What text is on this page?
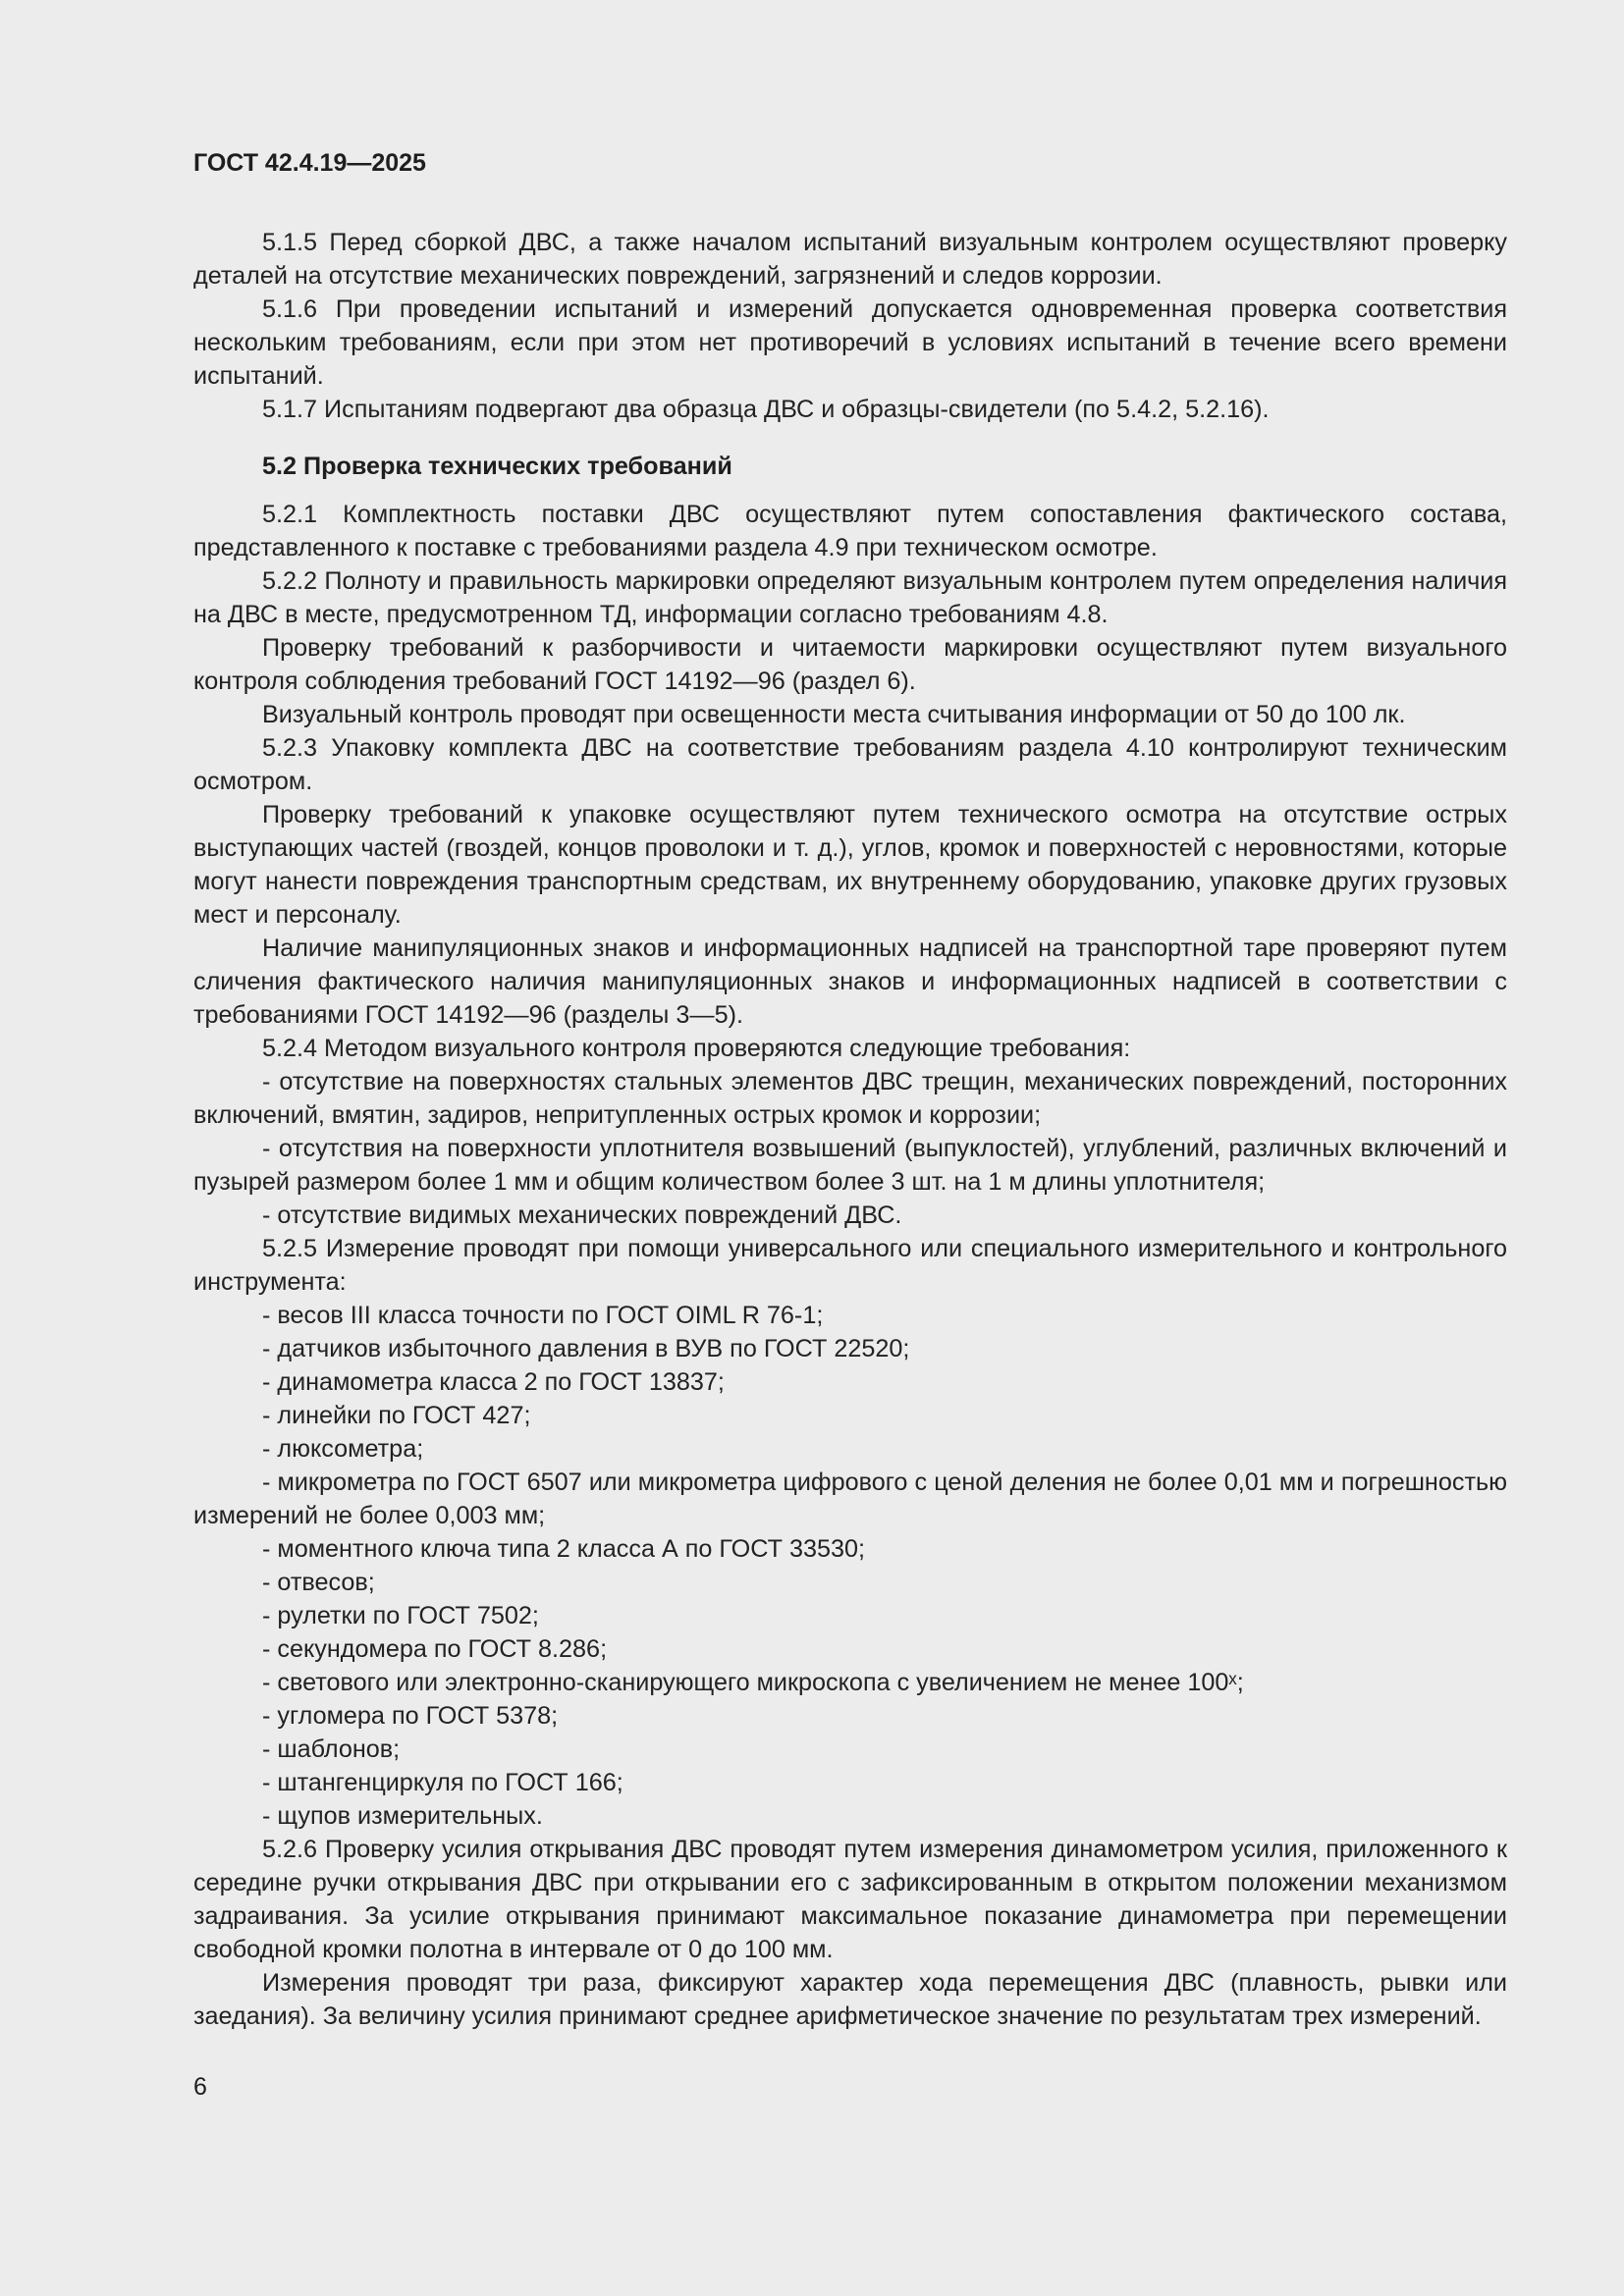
ГОСТ 42.4.19—2025

5.1.5 Перед сборкой ДВС, а также началом испытаний визуальным контролем осуществляют проверку деталей на отсутствие механических повреждений, загрязнений и следов коррозии.

5.1.6 При проведении испытаний и измерений допускается одновременная проверка соответствия нескольким требованиям, если при этом нет противоречий в условиях испытаний в течение всего времени испытаний.

5.1.7 Испытаниям подвергают два образца ДВС и образцы-свидетели (по 5.4.2, 5.2.16).

5.2 Проверка технических требований

5.2.1 Комплектность поставки ДВС осуществляют путем сопоставления фактического состава, представленного к поставке с требованиями раздела 4.9 при техническом осмотре.

5.2.2 Полноту и правильность маркировки определяют визуальным контролем путем определения наличия на ДВС в месте, предусмотренном ТД, информации согласно требованиям 4.8.

Проверку требований к разборчивости и читаемости маркировки осуществляют путем визуального контроля соблюдения требований ГОСТ 14192—96 (раздел 6).

Визуальный контроль проводят при освещенности места считывания информации от 50 до 100 лк.

5.2.3 Упаковку комплекта ДВС на соответствие требованиям раздела 4.10 контролируют техническим осмотром.

Проверку требований к упаковке осуществляют путем технического осмотра на отсутствие острых выступающих частей (гвоздей, концов проволоки и т. д.), углов, кромок и поверхностей с неровностями, которые могут нанести повреждения транспортным средствам, их внутреннему оборудованию, упаковке других грузовых мест и персоналу.

Наличие манипуляционных знаков и информационных надписей на транспортной таре проверяют путем сличения фактического наличия манипуляционных знаков и информационных надписей в соответствии с требованиями ГОСТ 14192—96 (разделы 3—5).

5.2.4 Методом визуального контроля проверяются следующие требования:

- отсутствие на поверхностях стальных элементов ДВС трещин, механических повреждений, посторонних включений, вмятин, задиров, непритупленных острых кромок и коррозии;

- отсутствия на поверхности уплотнителя возвышений (выпуклостей), углублений, различных включений и пузырей размером более 1 мм и общим количеством более 3 шт. на 1 м длины уплотнителя;

- отсутствие видимых механических повреждений ДВС.

5.2.5 Измерение проводят при помощи универсального или специального измерительного и контрольного инструмента:

- весов III класса точности по ГОСТ OIML R 76-1;

- датчиков избыточного давления в ВУВ по ГОСТ 22520;

- динамометра класса 2 по ГОСТ 13837;

- линейки по ГОСТ 427;

- люксометра;

- микрометра по ГОСТ 6507 или микрометра цифрового с ценой деления не более 0,01 мм и погрешностью измерений не более 0,003 мм;

- моментного ключа типа 2 класса А по ГОСТ 33530;

- отвесов;

- рулетки по ГОСТ 7502;

- секундомера по ГОСТ 8.286;

- светового или электронно-сканирующего микроскопа с увеличением не менее 100ˣ;

- угломера по ГОСТ 5378;

- шаблонов;

- штангенциркуля по ГОСТ 166;

- щупов измерительных.

5.2.6 Проверку усилия открывания ДВС проводят путем измерения динамометром усилия, приложенного к середине ручки открывания ДВС при открывании его с зафиксированным в открытом положении механизмом задраивания. За усилие открывания принимают максимальное показание динамометра при перемещении свободной кромки полотна в интервале от 0 до 100 мм.

Измерения проводят три раза, фиксируют характер хода перемещения ДВС (плавность, рывки или заедания). За величину усилия принимают среднее арифметическое значение по результатам трех измерений.

6
